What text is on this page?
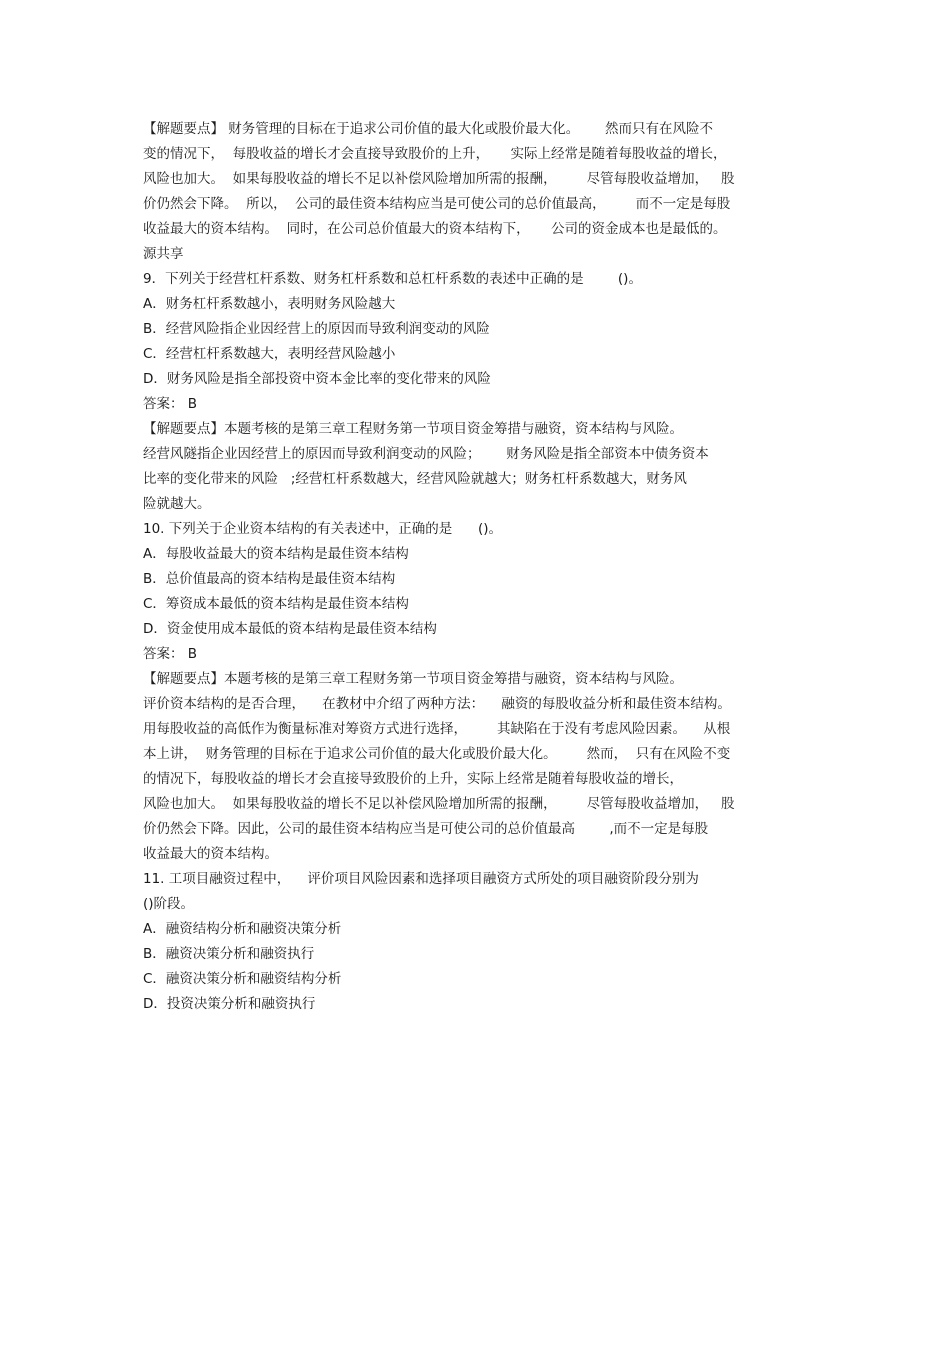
【解题要点】 财务管理的目标在于追求公司价值的最大化或股价最大化。      然而只有在风险不
变的情况下，  每股收益的增长才会直接导致股价的上升，     实际上经常是随着每股收益的增长，
风险也加大。  如果每股收益的增长不足以补偿风险增加所需的报酬，       尽管每股收益增加，   股
价仍然会下降。  所以，  公司的最佳资本结构应当是可使公司的总价值最高，       而不一定是每股
收益最大的资本结构。  同时，在公司总价值最大的资本结构下，     公司的资金成本也是最低的。
源共享
9．下列关于经营杠杆系数、财务杠杆系数和总杠杆系数的表述中正确的是        ()。
A．财务杠杆系数越小，表明财务风险越大
B．经营风险指企业因经营上的原因而导致利润变动的风险
C．经营杠杆系数越大，表明经营风险越小
D．财务风险是指全部投资中资本金比率的变化带来的风险
答案： B
【解题要点】本题考核的是第三章工程财务第一节项目资金筹措与融资，资本结构与风险。
经营风隧指企业因经营上的原因而导致利润变动的风险；      财务风险是指全部资本中债务资本
比率的变化带来的风险   ;经营杠杆系数越大，经营风险就越大；财务杠杆系数越大，财务风
险就越大。
10. 下列关于企业资本结构的有关表述中，正确的是      ()。
A．每股收益最大的资本结构是最佳资本结构
B．总价值最高的资本结构是最佳资本结构
C．筹资成本最低的资本结构是最佳资本结构
D．资金使用成本最低的资本结构是最佳资本结构
答案： B
【解题要点】本题考核的是第三章工程财务第一节项目资金筹措与融资，资本结构与风险。
评价资本结构的是否合理，    在教材中介绍了两种方法：    融资的每股收益分析和最佳资本结构。
用每股收益的高低作为衡量标准对筹资方式进行选择，       其缺陷在于没有考虑风险因素。    从根
本上讲，  财务管理的目标在于追求公司价值的最大化或股价最大化。       然而，  只有在风险不变
的情况下，每股收益的增长才会直接导致股价的上升，实际上经常是随着每股收益的增长，
风险也加大。  如果每股收益的增长不足以补偿风险增加所需的报酬，       尽管每股收益增加，   股
价仍然会下降。因此，公司的最佳资本结构应当是可使公司的总价值最高        ,而不一定是每股
收益最大的资本结构。
11. 工项目融资过程中，    评价项目风险因素和选择项目融资方式所处的项目融资阶段分别为
()阶段。
A．融资结构分析和融资决策分析
B．融资决策分析和融资执行
C．融资决策分析和融资结构分析
D．投资决策分析和融资执行
